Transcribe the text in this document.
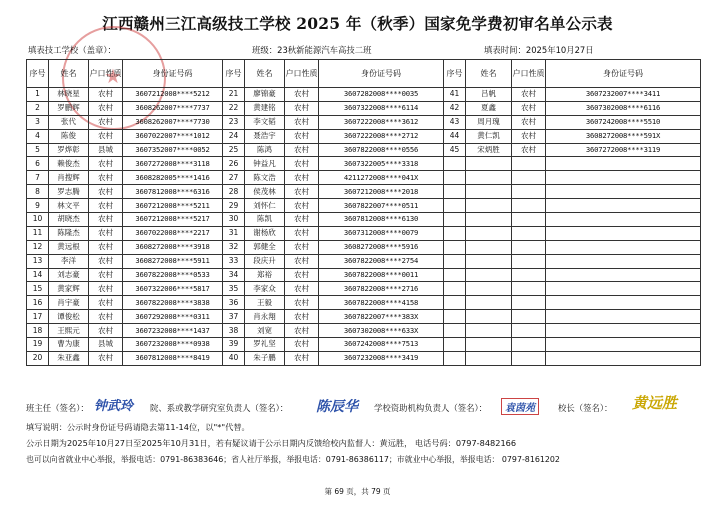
江西赣州三江高级技工学校 2025 年（秋季）国家免学费初审名单公示表
★
填表技工学校（盖章）：	班级：23秋新能源汽车高技二班	填表时间：2025年10月27日
序号	姓名	户口性质	身份证号码	序号	姓名	户口性质	身份证号码	序号	姓名	户口性质	身份证号码
1	林晓星	农村	3607212008****5212	21	廖锦豪	农村	3607282008****0035	41	吕帆	农村	3607232007****3411
2	罗鹏辉	农村	3608262007****7737	22	黄建铭	农村	3607322008****6114	42	夏鑫	农村	3607302008****6116
3	张代	农村	3608262007****7730	23	李文韬	农村	3607222008****3612	43	周月瑰	农村	3607242008****5510
4	陈俊	农村	3607022007****1012	24	聂浩宇	农村	3607222008****2712	44	黄仁凯	农村	3608272008****591X
5	罗烨彰	县城	3607352007****0052	25	陈鸿	农村	3607822008****0556	45	宋炳胜	农村	3607272008****3119
6	赖俊杰	农村	3607272008****3118	26	钟益凡	农村	3607322005****3318				
7	肖搜辉	农村	3608282005****1416	27	陈文浩	农村	4211272008****041X				
8	罗志腾	农村	3607812008****6316	28	侯茂林	农村	3607212008****2018				
9	林文平	农村	3607212008****5211	29	刘怀仁	农村	3607822007****0511				
10	胡晓杰	农村	3607212008****5217	30	陈凯	农村	3607812008****6130				
11	陈隆杰	农村	3607022008****2217	31	谢杨欣	农村	3607312008****0079				
12	黄远根	农村	3608272008****3918	32	郭健全	农村	3608272008****5916				
13	李洋	农村	3608272008****5911	33	段庆升	农村	3607822008****2754				
14	刘志豪	农村	3607822008****0533	34	郑裕	农村	3607822008****0011				
15	黄家辉	农村	3607322006****5817	35	李家众	农村	3607822008****2716				
16	肖宇豪	农村	3607822008****3838	36	王毅	农村	3607822008****4158				
17	谭俊松	农村	3607292008****0311	37	肖永翔	农村	3607822007****383X				
18	王熙元	农村	3607232008****1437	38	刘宽	农村	3607302008****633X				
19	曹为康	县城	3607232008****0938	39	罗礼坚	农村	3607242008****7513				
20	朱亚鑫	农村	3607812008****8419	40	朱子鹏	农村	3607232008****3419				
班主任（签名）： 钟武玲 院、系或教学研究室负责人（签名）： 陈辰华 学校资助机构负责人（签名）：	袁茵苑	校长（签名）： 黄远胜
填写说明：公示时身份证号码请隐去第11-14位，以"*"代替。
公示日期为2025年10月27日至2025年10月31日，若有疑议请于公示日期内反馈给校内监督人：黄远胜， 电话号码：0797-8482166
也可以向省就业中心举报，举报电话：0791-86383646；省人社厅举报，举报电话：0791-86386117；市就业中心举报，举报电话： 0797-8161202
第 69 页，共 79 页
